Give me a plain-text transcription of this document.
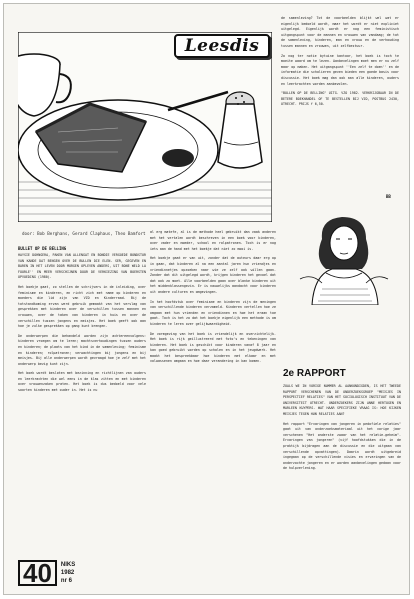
Leesdis
door: Bob Berghans, Gerard Claphaus, Theo Bamfort
BULLET OP DE BELLING

HAYSIE DOHNGERA, PAKEN VAN ALLENGAT EN BONDIE VERGOEDE BONDSTUR VAN KANDE DAT BENGEN OVER DE BULLEN DIE ELEN- SER, GEGEVEN EN BAREN IN HET LEVEN DOOR MORGEN OPLEVEN ANDERS, UIT BONE WELD LA FOURLE'' EN MEER VERSCHIJNEN DOOR DE VERKIEZING VAN BOERSTEN OPVOEDING (1980).

Het boekje gaat, zo stellen de schrijvers in de inleiding, over feminisme en kinderen, en richt zich met name op kinderen en moeders die lid zijn van VZO en Kinderraad. Bij de totstandkoming ervan werd gebruik gemaakt van het verslag van gesprekken met kinderen over de verschillen tussen mannen en vrouwen, over de taken van kinderen in huis en over de verschillen tussen jongens en meisjes. Het boek geeft ook aan hoe je zulke gesprekken op gang kunt brengen.

De onderwerpen die behandeld worden zijn achtereenvolgens: kinderen vroegen om te leren; machtsverhoudingen tussen ouders en kinderen; de plaats van het kind in de samenleving; feminisme en kinderen; rolpatronen; verwachtingen bij jongens en bij meisjes. Bij alle onderwerpen wordt gevraagd hoe je zelf met het onderwerp bezig kunt zijn.

Het boek wordt besloten met bezinning en richtlijnen van ouders en leerkrachten die wel eens in de klas zitten en met kinderen over vrouwenzaken praten. Het boek is dus bedoeld voor vele soorten kinderen met ouder in. Het is nu

al erg matefe, al is de methode heel gebruikt dan vaak anderen met het vertalen wordt beschreven in een boek voor kinderen, over vader en moeder, school en rolpatronen. Toch is er nog iets aan de hand met het boekje dat niet zo mooi is.

Het boekje gaat er van uit, zonder dat de auteurs daar erg op in gaan, dat kinderen al na een aantal jaren hun vriendjes en vriendinnetjes opzoeken naar wie ze zelf ook willen gaan. Zonder dat dit uitgelegd wordt, krijgen kinderen het gevoel dat dat ook zo moet. Alle voorbeelden gaan over blanke kinderen uit het middenklassengezin. Er is nauwelijks aandacht voor kinderen uit andere culturen en omgevingen.

In het hoofdstuk over feminisme en kinderen zijn de meningen van verschillende kinderen verzameld. Kinderen vertellen hoe ze omgaan met hun vrienden en vriendinnen en hoe het eraan toe gaat. Toch is het zo dat het boekje eigenlijk een methode is om kinderen te leren over gelijkwaardigheid.

De vormgeving van het boek is vriendelijk en overzichtelijk. Het boek is rijk geillustreerd met foto's en tekeningen van kinderen. Het boek is geschikt voor kinderen vanaf 8 jaar en kan goed gebruikt worden op scholen en in het jeugdwerk. Het maakt het bespreekbaar hoe kinderen met elkaar en met volwassenen omgaan en hoe daar verandering in kan komen.

de samenleving? Tot de voorbeelden blijkt wel wat er eigenlijk bedoeld wordt, maar het wordt er niet expliciet uitgelegd. Eigenlijk wordt er nog een feministisch uitgangspunt voor de mannen en vrouwen van vandaag; de tot de samenleving, kinderen, man en vrouw en de verhouding tussen mannen en vrouwen, uit zelfbestuur.

Zo nog ter notie bytuine kantoor, het boek is toch te moeite waard om te lezen. Aanbevelingen moet men er nu zelf maar op maken. Het uitgangspunt ''Een zelf te doen'' en de informatie die scholieren geven bieden een goede basis voor discussie. Het boek mag dan ook aan alle kinderen, ouders en leerkrachten worden aanbevolen.

"BULLEN OP DE BELLING" UITG. VZO 1982. VERKRIJGBAAR IN DE BETERE BOEKHANDEL OF TE BESTELLEN BIJ VZO, POSTBUS 2430, UTRECHT. PRIJS f 6,50.

BB
2e RAPPORT

ZOALS WE IN VORIGE NUMMER AL AANKONDIGDEN, IS HET TWEEDE RAPPORT VERSCHENEN VAN DE ONDERZOEKSGROEP "MEISJES IN PERSPECTIEF RELATIES" VAN HET SOCIOLOGISCH INSTITUUT VAN DE UNIVERSITEIT UTRECHT. ONDERZOEKERS ZIJN ANNE HERTOGEN EN MARLEEN KUYPERS. WAT HAAR SPECIFIEKE VRAAG IS: HOE KIJKEN MEISJES TEGEN HUN RELATIES AAN?

Het rapport "Ervaringen van jongeren in pedofiele relaties" gaat uit van onderzoeksmateriaal uit het vorige jaar verschenen "Het onderste zwaar van het relatie-geheim". Ervaringen van jongeren" (vijf hoofdstukken die in de praktijk bijdragen aan de discussie en die uitgaan van verschillende opvattingen). Daarin wordt uitgebreid ingegaan op de verschillende visies en ervaringen van de onderzochte jongeren en er worden aanbevelingen gedaan voor de hulpverlening.

40	NIKS
1982
nr 6
